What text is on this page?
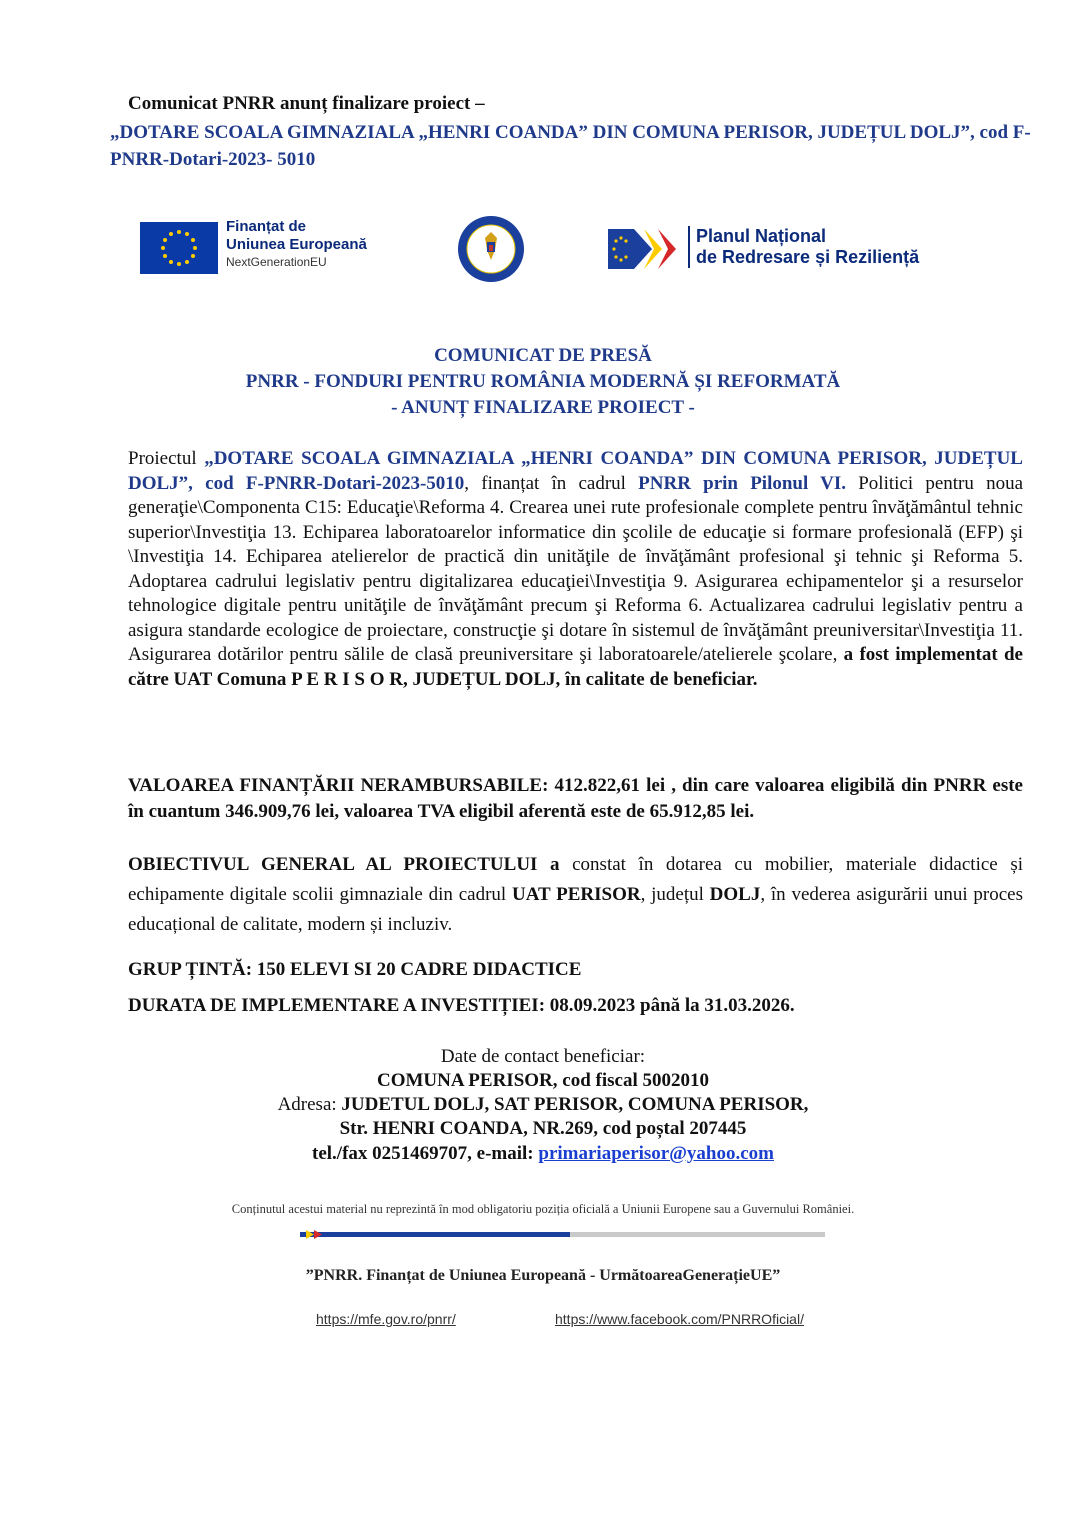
Comunicat PNRR anunț finalizare proiect –
„DOTARE SCOALA GIMNAZIALA „HENRI COANDA” DIN COMUNA PERISOR, JUDEȚUL DOLJ”, cod F-PNRR-Dotari-2023- 5010
Finanțat de
Uniunea Europeană
NextGenerationEU
Planul Național
de Redresare și Reziliență
COMUNICAT DE PRESĂ
PNRR - FONDURI PENTRU ROMÂNIA MODERNĂ ȘI REFORMATĂ
- ANUNȚ FINALIZARE PROIECT -
Proiectul „DOTARE SCOALA GIMNAZIALA „HENRI COANDA” DIN COMUNA PERISOR, JUDEȚUL DOLJ”, cod F-PNRR-Dotari-2023-5010, finanțat în cadrul PNRR prin Pilonul VI. Politici pentru noua generaţie\Componenta C15: Educaţie\Reforma 4. Crearea unei rute profesionale complete pentru învăţământul tehnic superior\Investiţia 13. Echiparea laboratoarelor informatice din şcolile de educaţie si formare profesională (EFP) şi \Investiţia 14. Echiparea atelierelor de practică din unităţile de învăţământ profesional şi tehnic şi Reforma 5. Adoptarea cadrului legislativ pentru digitalizarea educaţiei\Investiţia 9. Asigurarea echipamentelor şi a resurselor tehnologice digitale pentru unităţile de învăţământ precum şi Reforma 6. Actualizarea cadrului legislativ pentru a asigura standarde ecologice de proiectare, construcţie şi dotare în sistemul de învăţământ preuniversitar\Investiţia 11. Asigurarea dotărilor pentru sălile de clasă preuniversitare şi laboratoarele/atelierele şcolare, a fost implementat de către UAT Comuna P E R I S O R, JUDEȚUL DOLJ, în calitate de beneficiar.
VALOAREA FINANȚĂRII NERAMBURSABILE: 412.822,61 lei , din care valoarea eligibilă din PNRR este în cuantum 346.909,76 lei, valoarea TVA eligibil aferentă este de 65.912,85 lei.
OBIECTIVUL GENERAL AL PROIECTULUI a constat în dotarea cu mobilier, materiale didactice și echipamente digitale scolii gimnaziale din cadrul UAT PERISOR, județul DOLJ, în vederea asigurării unui proces educațional de calitate, modern și incluziv.
GRUP ȚINTĂ: 150 ELEVI SI 20 CADRE DIDACTICE
DURATA DE IMPLEMENTARE A INVESTIȚIEI: 08.09.2023 până la 31.03.2026.
Date de contact beneficiar:
COMUNA PERISOR, cod fiscal 5002010
Adresa: JUDETUL DOLJ, SAT PERISOR, COMUNA PERISOR,
Str. HENRI COANDA, NR.269, cod poștal 207445
tel./fax 0251469707, e-mail: primariaperisor@yahoo.com
Conținutul acestui material nu reprezintă în mod obligatoriu poziția oficială a Uniunii Europene sau a Guvernului României.
”PNRR. Finanțat de Uniunea Europeană - UrmătoareaGenerațieUE”
https://mfe.gov.ro/pnrr/	https://www.facebook.com/PNRROficial/
